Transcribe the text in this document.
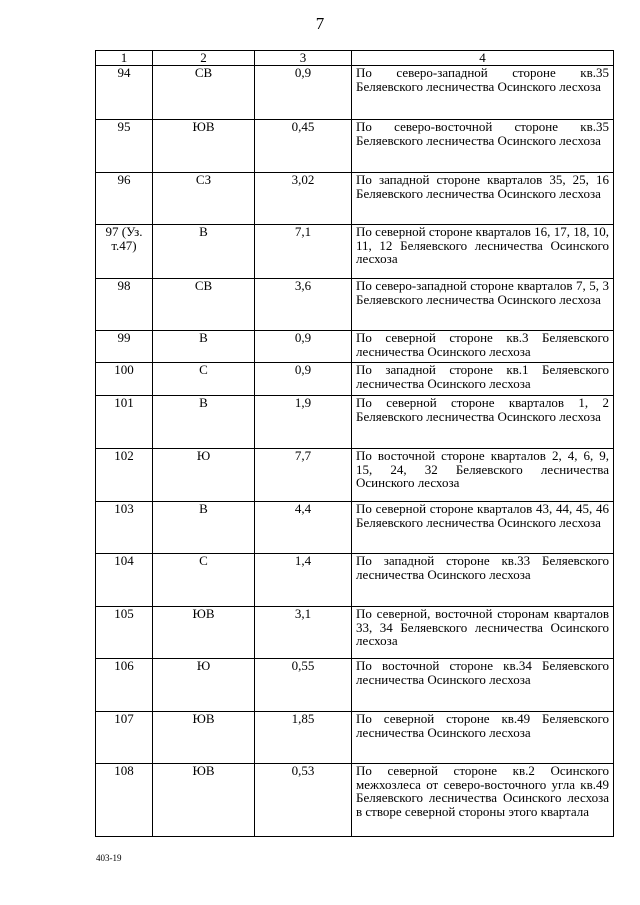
7
1	2	3	4
94	СВ	0,9	По северо-западной стороне кв.35 Беляевского лесничества Осинского лесхоза
95	ЮВ	0,45	По северо-восточной стороне кв.35 Беляевского лесничества Осинского лесхоза
96	СЗ	3,02	По западной стороне кварталов 35, 25, 16 Беляевского лесничества Осинского лесхоза
97 (Уз. т.47)	В	7,1	По северной стороне кварталов 16, 17, 18, 10, 11, 12 Беляевского лесничества Осинского лесхоза
98	СВ	3,6	По северо-западной стороне кварталов 7, 5, 3 Беляевского лесничества Осинского лесхоза
99	В	0,9	По северной стороне кв.3 Беляевского лесничества Осинского лесхоза
100	С	0,9	По западной стороне кв.1 Беляевского лесничества Осинского лесхоза
101	В	1,9	По северной стороне кварталов 1, 2 Беляевского лесничества Осинского лесхоза
102	Ю	7,7	По восточной стороне кварталов 2, 4, 6, 9, 15, 24, 32 Беляевского лесничества Осинского лесхоза
103	В	4,4	По северной стороне кварталов 43, 44, 45, 46 Беляевского лесничества Осинского лесхоза
104	С	1,4	По западной стороне кв.33 Беляевского лесничества Осинского лесхоза
105	ЮВ	3,1	По северной, восточной сторонам кварталов 33, 34 Беляевского лесничества Осинского лесхоза
106	Ю	0,55	По восточной стороне кв.34 Беляевского лесничества Осинского лесхоза
107	ЮВ	1,85	По северной стороне кв.49 Беляевского лесничества Осинского лесхоза
108	ЮВ	0,53	По северной стороне кв.2 Осинского межхозлеса от северо-восточного угла кв.49 Беляевского лесничества Осинского лесхоза в створе северной стороны этого квартала
403-19
